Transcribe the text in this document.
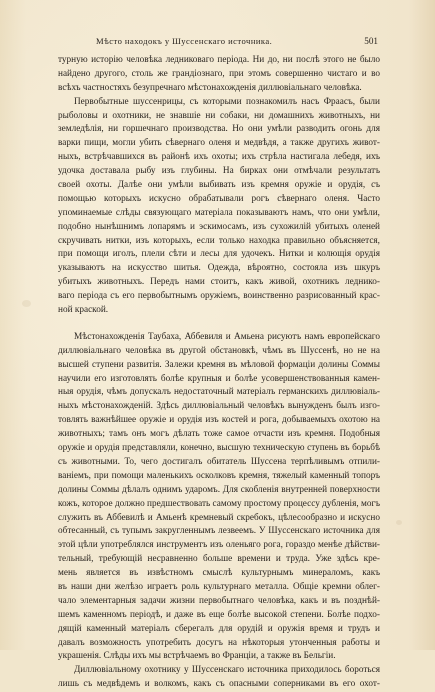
Мѣсто находокъ у Шуссенскаго источника.	501
турную исторію человѣка ледниковаго періода. Ни до, ни послѣ этого не было
найдено другого, столь же грандіознаго, при этомъ совершенно чистаго и во
всѣхъ частностяхъ безупречнаго мѣстонахожденія диллювіальнаго человѣка.
Первобытные шуссенрицы, съ которыми познакомилъ насъ Фраасъ, были
рыболовы и охотники, не знавшіе ни собаки, ни домашнихъ животныхъ, ни
земледѣлія, ни горшечнаго производства. Но они умѣли разводить огонь для
варки пищи, могли убить сѣвернаго оленя и медвѣдя, а также другихъ живот-
ныхъ, встрѣчавшихся въ районѣ ихъ охоты; ихъ стрѣла настигала лебедя, ихъ
удочка доставала рыбу изъ глубины. На бирках они отмѣчали результатъ
своей охоты. Далѣе они умѣли выбивать изъ кремня оружіе и орудія, съ
помощью которыхъ искусно обрабатывали рогъ сѣвернаго оленя. Часто
упоминаемые слѣды связующаго матеріала показываютъ намъ, что они умѣли,
подобно нынѣшнимъ лопарямъ и эскимосамъ, изъ сухожилій убитыхъ оленей
скручивать нитки, изъ которыхъ, если только находка правильно объясняется,
при помощи иголъ, плели сѣти и лесы для удочекъ. Нитки и колющія орудія
указываютъ на искусство шитья. Одежда, вѣроятно, состояла изъ шкуръ
убитыхъ животныхъ. Передъ нами стоитъ, какъ живой, охотникъ леднико-
ваго періода съ его первобытнымъ оружіемъ, воинственно разрисованный крас-
ной краской.
Мѣстонахожденія Таубаха, Аббевиля и Амьена рисуютъ намъ европейскаго
диллювіальнаго человѣка въ другой обстановкѣ, чѣмъ въ Шуссенѣ, но не на
высшей ступени развитія. Залежи кремня въ мѣловой формаціи долины Соммы
научили его изготовлять болѣе крупныя и болѣе усовершенствованныя камен-
ныя орудія, чѣмъ допускалъ недостаточный матеріалъ германскихъ диллювіаль-
ныхъ мѣстонахожденій. Здѣсь диллювіальный человѣкъ вынужденъ былъ изго-
товлять важнѣйшее оружіе и орудія изъ костей и рога, добываемыхъ охотою на
животныхъ; тамъ онъ могъ дѣлать тоже самое отчасти изъ кремня. Подобныя
оружіе и орудія представляли, конечно, высшую техническую ступень въ борьбѣ
съ животными. То, чего достигалъ обитатель Шуссена терпѣливымъ отпили-
ваніемъ, при помощи маленькихъ осколковъ кремня, тяжелый каменный топоръ
долины Соммы дѣлалъ однимъ ударомъ. Для скобленія внутренней поверхности
кожъ, которое должно предшествовать самому простому процессу дубленія, могъ
служить въ Аббевилѣ и Амьенѣ кремневый скребокъ, цѣлесообразно и искусно
обтесанный, съ тупымъ закругленнымъ лезвеемъ. У Шуссенскаго источника для
этой цѣли употреблялся инструментъ изъ оленьяго рога, гораздо менѣе дѣйстви-
тельный, требующій несравненно больше времени и труда. Уже здѣсь кре-
мень является въ извѣстномъ смыслѣ культурнымъ минераломъ, какъ
въ наши дни желѣзо играетъ роль культурнаго металла. Общіе кремни облег-
чало элементарныя задачи жизни первобытнаго человѣка, какъ и въ позднѣй-
шемъ каменномъ періодѣ, и даже въ еще болѣе высокой степени. Болѣе подхо-
дящій каменный матеріалъ сберегалъ для орудій и оружія время и трудъ и
давалъ возможность употребить досугъ на нѣкоторыя утонченныя работы и
украшенія. Слѣды ихъ мы встрѣчаемъ во Франціи, а также въ Бельгіи.
Диллювіальному охотнику у Шуссенскаго источника приходилось бороться
лишь съ медвѣдемъ и волкомъ, какъ съ опасными соперниками въ его охот-
